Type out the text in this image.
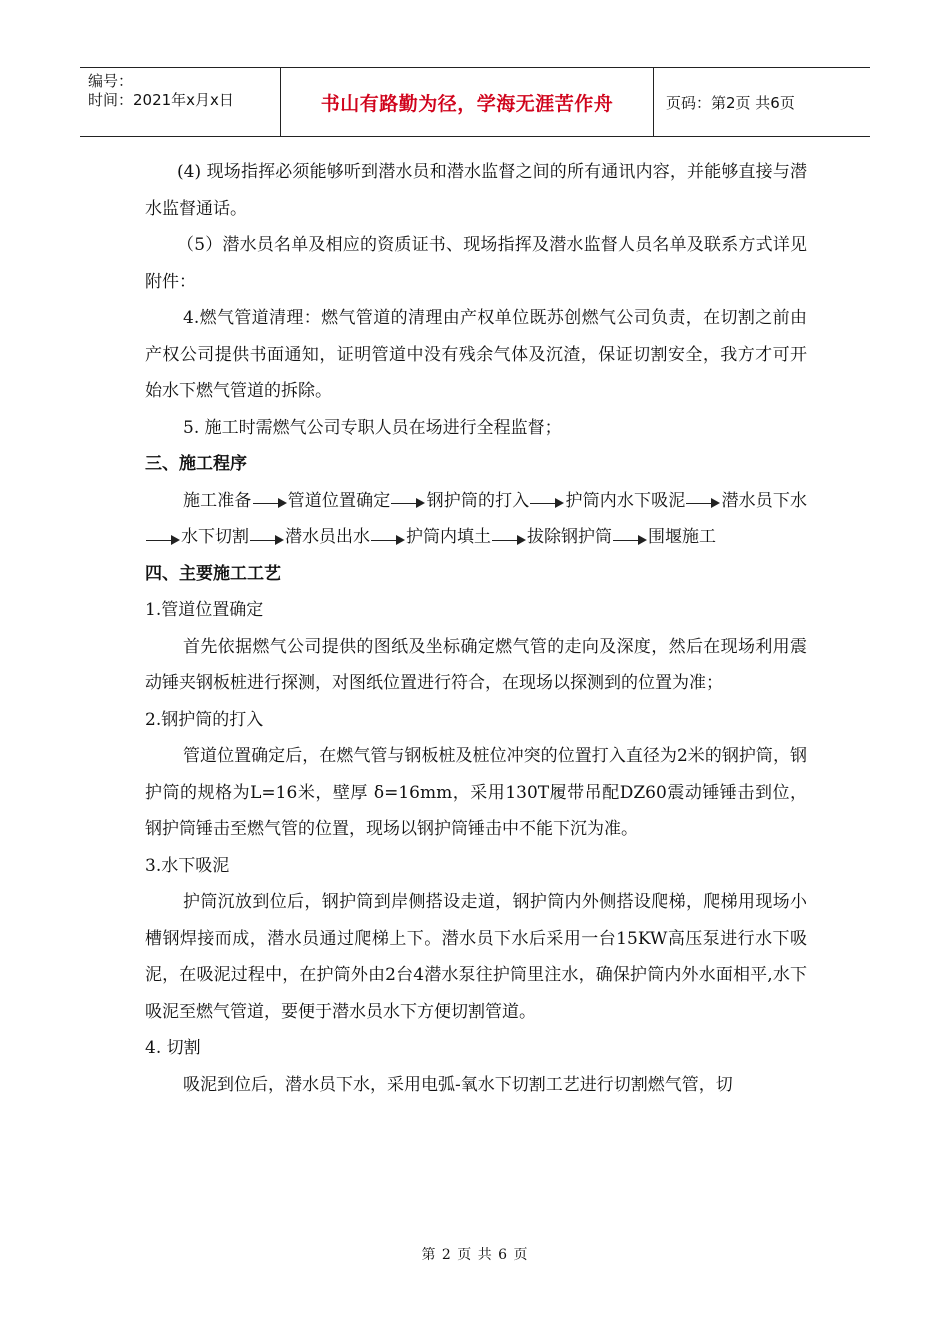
编号：
时间：2021年x月x日	书山有路勤为径，学海无涯苦作舟	页码：第2页 共6页

(4) 现场指挥必须能够听到潜水员和潜水监督之间的所有通讯内容，并能够直接与潜水监督通话。

（5）潜水员名单及相应的资质证书、现场指挥及潜水监督人员名单及联系方式详见附件：

4.燃气管道清理：燃气管道的清理由产权单位既苏创燃气公司负责，在切割之前由产权公司提供书面通知，证明管道中没有残余气体及沉渣，保证切割安全，我方才可开始水下燃气管道的拆除。

5. 施工时需燃气公司专职人员在场进行全程监督；

三、施工程序

施工准备 管道位置确定 钢护筒的打入 护筒内水下吸泥 潜水员下水水下切割 潜水员出水 护筒内填土 拔除钢护筒 围堰施工

四、主要施工工艺

1.管道位置确定

首先依据燃气公司提供的图纸及坐标确定燃气管的走向及深度，然后在现场利用震动锤夹钢板桩进行探测，对图纸位置进行符合，在现场以探测到的位置为准；

2.钢护筒的打入

管道位置确定后，在燃气管与钢板桩及桩位冲突的位置打入直径为2米的钢护筒，钢护筒的规格为L=16米，壁厚 δ=16mm，采用130T履带吊配DZ60震动锤锤击到位，钢护筒锤击至燃气管的位置，现场以钢护筒锤击中不能下沉为准。

3.水下吸泥

护筒沉放到位后，钢护筒到岸侧搭设走道，钢护筒内外侧搭设爬梯，爬梯用现场小槽钢焊接而成，潜水员通过爬梯上下。潜水员下水后采用一台15KW高压泵进行水下吸泥，在吸泥过程中，在护筒外由2台4潜水泵往护筒里注水，确保护筒内外水面相平,水下吸泥至燃气管道，要便于潜水员水下方便切割管道。

4. 切割

吸泥到位后，潜水员下水，采用电弧-氧水下切割工艺进行切割燃气管，切

第 2 页 共 6 页
